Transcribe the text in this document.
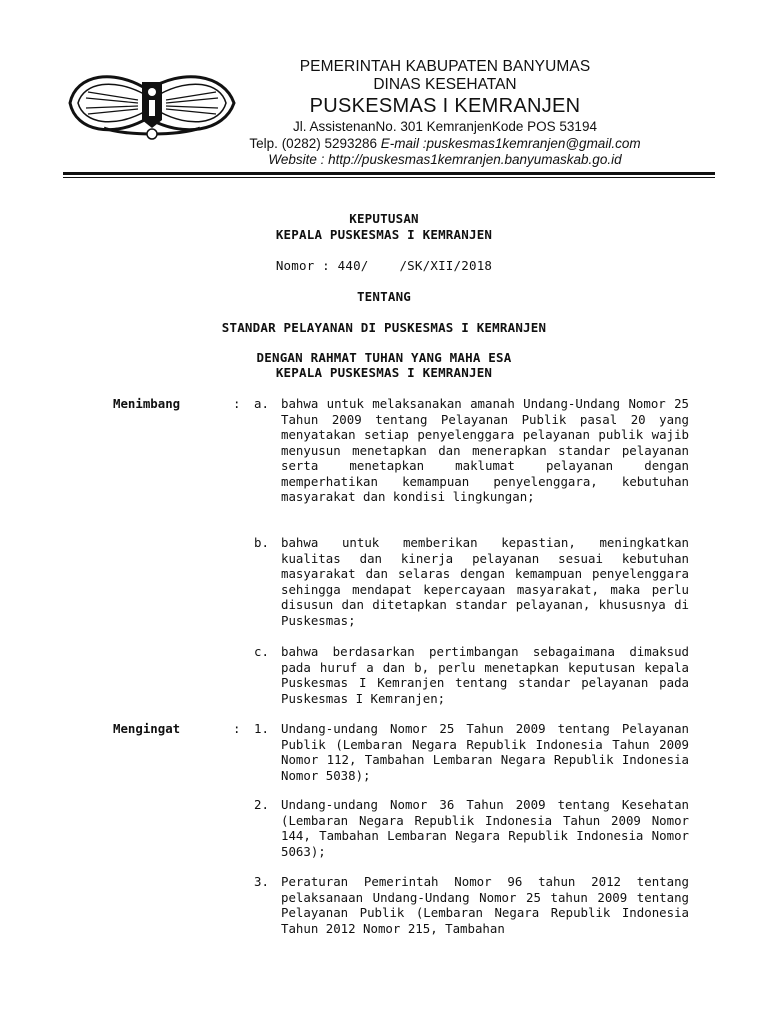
PEMERINTAH KABUPATEN BANYUMAS
DINAS KESEHATAN
PUSKESMAS I KEMRANJEN
Jl. AssistenanNo. 301 KemranjenKode POS 53194
Telp. (0282) 5293286 E-mail :puskesmas1kemranjen@gmail.com
Website : http://puskesmas1kemranjen.banyumaskab.go.id
KEPUTUSAN
KEPALA PUSKESMAS I KEMRANJEN
Nomor : 440/    /SK/XII/2018
TENTANG
STANDAR PELAYANAN DI PUSKESMAS I KEMRANJEN
DENGAN RAHMAT TUHAN YANG MAHA ESA
KEPALA PUSKESMAS I KEMRANJEN
Menimbang	: a. bahwa untuk melaksanakan amanah Undang-Undang Nomor 25 Tahun 2009 tentang Pelayanan Publik pasal 20 yang menyatakan setiap penyelenggara pelayanan publik wajib menyusun menetapkan dan menerapkan standar pelayanan serta menetapkan maklumat pelayanan dengan memperhatikan kemampuan penyelenggara, kebutuhan masyarakat dan kondisi lingkungan;
b. bahwa untuk memberikan kepastian, meningkatkan kualitas dan kinerja pelayanan sesuai kebutuhan masyarakat dan selaras dengan kemampuan penyelenggara sehingga mendapat kepercayaan masyarakat, maka perlu disusun dan ditetapkan standar pelayanan, khususnya di Puskesmas;
c. bahwa berdasarkan pertimbangan sebagaimana dimaksud pada huruf a dan b, perlu menetapkan keputusan kepala Puskesmas I Kemranjen tentang standar pelayanan pada Puskesmas I Kemranjen;
Mengingat	: 1. Undang-undang Nomor 25 Tahun 2009 tentang Pelayanan Publik (Lembaran Negara Republik Indonesia Tahun 2009 Nomor 112, Tambahan Lembaran Negara Republik Indonesia Nomor 5038);
2. Undang-undang Nomor 36 Tahun 2009 tentang Kesehatan (Lembaran Negara Republik Indonesia Tahun 2009 Nomor 144, Tambahan Lembaran Negara Republik Indonesia Nomor 5063);
3. Peraturan Pemerintah Nomor 96 tahun 2012 tentang pelaksanaan Undang-Undang Nomor 25 tahun 2009 tentang Pelayanan Publik (Lembaran Negara Republik Indonesia Tahun 2012 Nomor 215, Tambahan
